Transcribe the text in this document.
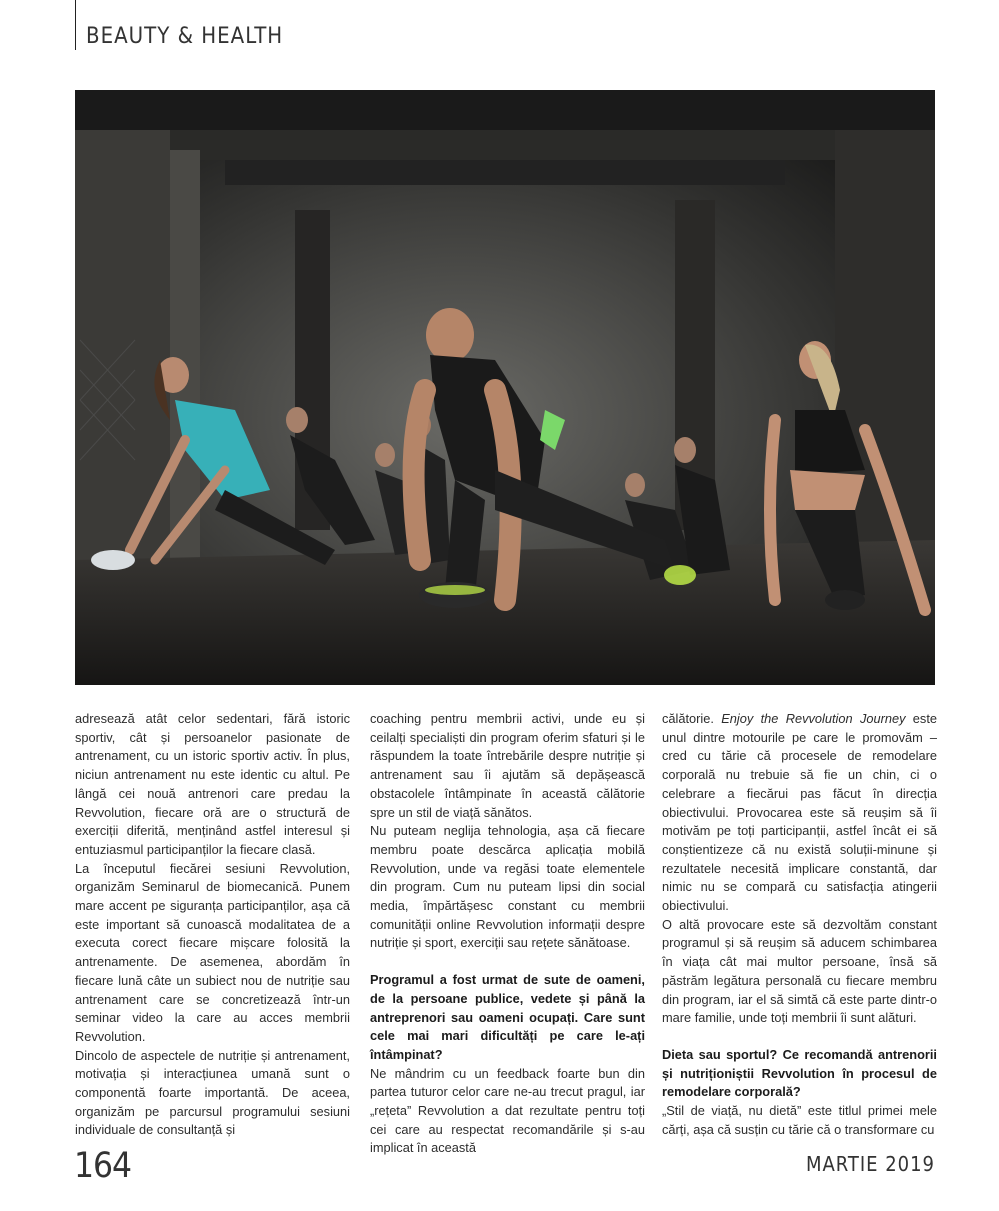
BEAUTY & HEALTH

adresează atât celor sedentari, fără istoric sportiv, cât și persoanelor pasionate de antrenament, cu un istoric sportiv activ. În plus, niciun antrenament nu este identic cu altul. Pe lângă cei nouă antrenori care predau la Revvolution, fiecare oră are o structură de exerciții diferită, menținând astfel interesul și entuziasmul participanților la fiecare clasă.

La începutul fiecărei sesiuni Revvolution, organizăm Seminarul de biomecanică. Punem mare accent pe siguranța participanților, așa că este important să cunoască modalitatea de a executa corect fiecare mișcare folosită la antrenamente. De asemenea, abordăm în fiecare lună câte un subiect nou de nutriție sau antrenament care se concretizează într-un seminar video la care au acces membrii Revvolution.

Dincolo de aspectele de nutriție și antrenament, motivația și interacțiunea umană sunt o componentă foarte importantă. De aceea, organizăm pe parcursul programului sesiuni individuale de consultanță și

coaching pentru membrii activi, unde eu și ceilalți specialiști din program oferim sfaturi și le răspundem la toate întrebările despre nutriție și antrenament sau îi ajutăm să depășească obstacolele întâmpinate în această călătorie spre un stil de viață sănătos.

Nu puteam neglija tehnologia, așa că fiecare membru poate descărca aplicația mobilă Revvolution, unde va regăsi toate elementele din program. Cum nu puteam lipsi din social media, împărtășesc constant cu membrii comunității online Revvolution informații despre nutriție și sport, exerciții sau rețete sănătoase.

Programul a fost urmat de sute de oameni, de la persoane publice, vedete și până la antreprenori sau oameni ocupați. Care sunt cele mai mari dificultăți pe care le-ați întâmpinat?

Ne mândrim cu un feedback foarte bun din partea tuturor celor care ne-au trecut pragul, iar „rețeta” Revvolution a dat rezultate pentru toți cei care au respectat recomandările și s-au implicat în această

călătorie. Enjoy the Revvolution Journey este unul dintre motourile pe care le promovăm – cred cu tărie că procesele de remodelare corporală nu trebuie să fie un chin, ci o celebrare a fiecărui pas făcut în direcția obiectivului. Provocarea este să reușim să îi motivăm pe toți participanții, astfel încât ei să conștientizeze că nu există soluții-minune și rezultatele necesită implicare constantă, dar nimic nu se compară cu satisfacția atingerii obiectivului.

O altă provocare este să dezvoltăm constant programul și să reușim să aducem schimbarea în viața cât mai multor persoane, însă să păstrăm legătura personală cu fiecare membru din program, iar el să simtă că este parte dintr-o mare familie, unde toți membrii îi sunt alături.

Dieta sau sportul? Ce recomandă antrenorii și nutriționiștii Revvolution în procesul de remodelare corporală?

„Stil de viață, nu dietă” este titlul primei mele cărți, așa că susțin cu tărie că o transformare cu

164	MARTIE 2019
